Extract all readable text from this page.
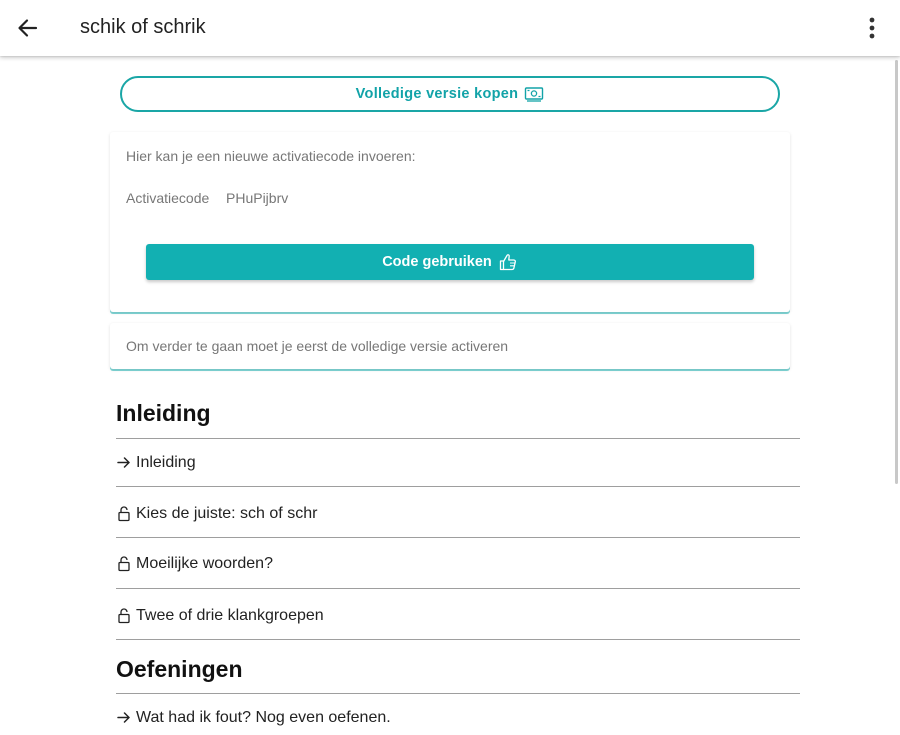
schik of schrik
Volledige versie kopen
Hier kan je een nieuwe activatiecode invoeren:
Activatiecode
PHuPijbrv
Code gebruiken
Om verder te gaan moet je eerst de volledige versie activeren
Inleiding
Inleiding
Kies de juiste: sch of schr
Moeilijke woorden?
Twee of drie klankgroepen
Oefeningen
Wat had ik fout? Nog even oefenen.
